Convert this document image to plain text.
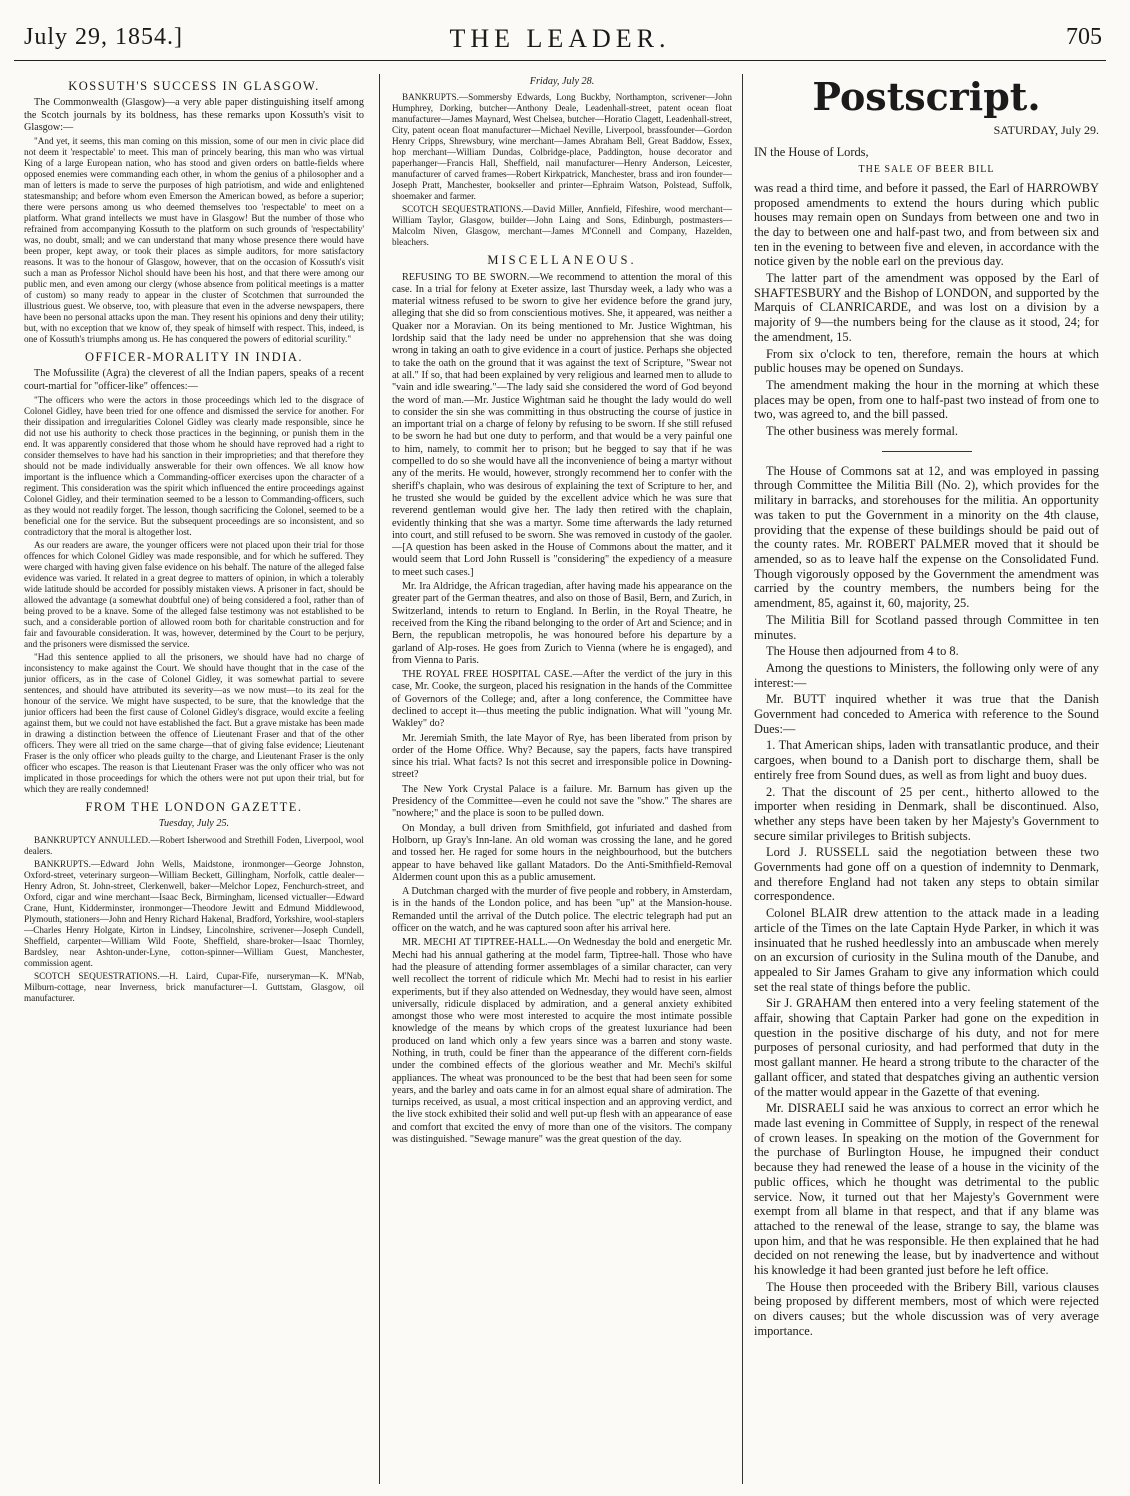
July 29, 1854.]	THE LEADER.	705
KOSSUTH'S SUCCESS IN GLASGOW.

The Commonwealth (Glasgow)—a very able paper distinguishing itself among the Scotch journals by its boldness, has these remarks upon Kossuth's visit to Glasgow:—

"And yet, it seems, this man coming on this mission, some of our men in civic place did not deem it 'respectable' to meet. This man of princely bearing, this man who was virtual King of a large European nation, who has stood and given orders on battle-fields where opposed enemies were commanding each other, in whom the genius of a philosopher and a man of letters is made to serve the purposes of high patriotism, and wide and enlightened statesmanship; and before whom even Emerson the American bowed, as before a superior; there were persons among us who deemed themselves too 'respectable' to meet on a platform. What grand intellects we must have in Glasgow! But the number of those who refrained from accompanying Kossuth to the platform on such grounds of 'respectability' was, no doubt, small; and we can understand that many whose presence there would have been proper, kept away, or took their places as simple auditors, for more satisfactory reasons. It was to the honour of Glasgow, however, that on the occasion of Kossuth's visit such a man as Professor Nichol should have been his host, and that there were among our public men, and even among our clergy (whose absence from political meetings is a matter of custom) so many ready to appear in the cluster of Scotchmen that surrounded the illustrious guest. We observe, too, with pleasure that even in the adverse newspapers, there have been no personal attacks upon the man. They resent his opinions and deny their utility; but, with no exception that we know of, they speak of himself with respect. This, indeed, is one of Kossuth's triumphs among us. He has conquered the powers of editorial scurility."

OFFICER-MORALITY IN INDIA.

The Mofussilite (Agra) the cleverest of all the Indian papers, speaks of a recent court-martial for "officer-like" offences:—

"The officers who were the actors in those proceedings which led to the disgrace of Colonel Gidley, have been tried for one offence and dismissed the service for another. For their dissipation and irregularities Colonel Gidley was clearly made responsible, since he did not use his authority to check those practices in the beginning, or punish them in the end. It was apparently considered that those whom he should have reproved had a right to consider themselves to have had his sanction in their improprieties; and that therefore they should not be made individually answerable for their own offences. We all know how important is the influence which a Commanding-officer exercises upon the character of a regiment. This consideration was the spirit which influenced the entire proceedings against Colonel Gidley, and their termination seemed to be a lesson to Commanding-officers, such as they would not readily forget. The lesson, though sacrificing the Colonel, seemed to be a beneficial one for the service. But the subsequent proceedings are so inconsistent, and so contradictory that the moral is altogether lost.

As our readers are aware, the younger officers were not placed upon their trial for those offences for which Colonel Gidley was made responsible, and for which he suffered. They were charged with having given false evidence on his behalf. The nature of the alleged false evidence was varied. It related in a great degree to matters of opinion, in which a tolerably wide latitude should be accorded for possibly mistaken views. A prisoner in fact, should be allowed the advantage (a somewhat doubtful one) of being considered a fool, rather than of being proved to be a knave. Some of the alleged false testimony was not established to be such, and a considerable portion of allowed room both for charitable construction and for fair and favourable consideration. It was, however, determined by the Court to be perjury, and the prisoners were dismissed the service.

"Had this sentence applied to all the prisoners, we should have had no charge of inconsistency to make against the Court. We should have thought that in the case of the junior officers, as in the case of Colonel Gidley, it was somewhat partial to severe sentences, and should have attributed its severity—as we now must—to its zeal for the honour of the service. We might have suspected, to be sure, that the knowledge that the junior officers had been the first cause of Colonel Gidley's disgrace, would excite a feeling against them, but we could not have established the fact. But a grave mistake has been made in drawing a distinction between the offence of Lieutenant Fraser and that of the other officers. They were all tried on the same charge—that of giving false evidence; Lieutenant Fraser is the only officer who pleads guilty to the charge, and Lieutenant Fraser is the only officer who escapes. The reason is that Lieutenant Fraser was the only officer who was not implicated in those proceedings for which the others were not put upon their trial, but for which they are really condemned!

FROM THE LONDON GAZETTE.
Tuesday, July 25.

BANKRUPTCY ANNULLED.—Robert Isherwood and Strethill Foden, Liverpool, wool dealers.

BANKRUPTS.—Edward John Wells, Maidstone, ironmonger—George Johnston, Oxford-street, veterinary surgeon—William Beckett, Gillingham, Norfolk, cattle dealer—Henry Adron, St. John-street, Clerkenwell, baker—Melchor Lopez, Fenchurch-street, and Oxford, cigar and wine merchant—Isaac Beck, Birmingham, licensed victualler—Edward Crane, Hunt, Kidderminster, ironmonger—Theodore Jewitt and Edmund Middlewood, Plymouth, stationers—John and Henry Richard Hakenal, Bradford, Yorkshire, wool-staplers—Charles Henry Holgate, Kirton in Lindsey, Lincolnshire, scrivener—Joseph Cundell, Sheffield, carpenter—William Wild Foote, Sheffield, share-broker—Isaac Thornley, Bardsley, near Ashton-under-Lyne, cotton-spinner—William Guest, Manchester, commission agent.

SCOTCH SEQUESTRATIONS.—H. Laird, Cupar-Fife, nurseryman—K. M'Nab, Milburn-cottage, near Inverness, brick manufacturer—I. Guttstam, Glasgow, oil manufacturer.

Friday, July 28.

BANKRUPTS.—Sommersby Edwards, Long Buckby, Northampton, scrivener—John Humphrey, Dorking, butcher—Anthony Deale, Leadenhall-street, patent ocean float manufacturer—James Maynard, West Chelsea, butcher—Horatio Clagett, Leadenhall-street, City, patent ocean float manufacturer—Michael Neville, Liverpool, brassfounder—Gordon Henry Cripps, Shrewsbury, wine merchant—James Abraham Bell, Great Baddow, Essex, hop merchant—William Dundas, Colbridge-place, Paddington, house decorator and paperhanger—Francis Hall, Sheffield, nail manufacturer—Henry Anderson, Leicester, manufacturer of carved frames—Robert Kirkpatrick, Manchester, brass and iron founder—Joseph Pratt, Manchester, bookseller and printer—Ephraim Watson, Polstead, Suffolk, shoemaker and farmer.

SCOTCH SEQUESTRATIONS.—David Miller, Annfield, Fifeshire, wood merchant—William Taylor, Glasgow, builder—John Laing and Sons, Edinburgh, postmasters—Malcolm Niven, Glasgow, merchant—James M'Connell and Company, Hazelden, bleachers.

MISCELLANEOUS.

REFUSING TO BE SWORN.—We recommend to attention the moral of this case. In a trial for felony at Exeter assize, last Thursday week, a lady who was a material witness refused to be sworn to give her evidence before the grand jury, alleging that she did so from conscientious motives. She, it appeared, was neither a Quaker nor a Moravian. On its being mentioned to Mr. Justice Wightman, his lordship said that the lady need be under no apprehension that she was doing wrong in taking an oath to give evidence in a court of justice. Perhaps she objected to take the oath on the ground that it was against the text of Scripture, "Swear not at all." If so, that had been explained by very religious and learned men to allude to "vain and idle swearing."—The lady said she considered the word of God beyond the word of man.—Mr. Justice Wightman said he thought the lady would do well to consider the sin she was committing in thus obstructing the course of justice in an important trial on a charge of felony by refusing to be sworn. If she still refused to be sworn he had but one duty to perform, and that would be a very painful one to him, namely, to commit her to prison; but he begged to say that if he was compelled to do so she would have all the inconvenience of being a martyr without any of the merits. He would, however, strongly recommend her to confer with the sheriff's chaplain, who was desirous of explaining the text of Scripture to her, and he trusted she would be guided by the excellent advice which he was sure that reverend gentleman would give her. The lady then retired with the chaplain, evidently thinking that she was a martyr. Some time afterwards the lady returned into court, and still refused to be sworn. She was removed in custody of the gaoler.—[A question has been asked in the House of Commons about the matter, and it would seem that Lord John Russell is "considering" the expediency of a measure to meet such cases.]

Mr. Ira Aldridge, the African tragedian, after having made his appearance on the greater part of the German theatres, and also on those of Basil, Bern, and Zurich, in Switzerland, intends to return to England. In Berlin, in the Royal Theatre, he received from the King the riband belonging to the order of Art and Science; and in Bern, the republican metropolis, he was honoured before his departure by a garland of Alp-roses. He goes from Zurich to Vienna (where he is engaged), and from Vienna to Paris.

THE ROYAL FREE HOSPITAL CASE.—After the verdict of the jury in this case, Mr. Cooke, the surgeon, placed his resignation in the hands of the Committee of Governors of the College; and, after a long conference, the Committee have declined to accept it—thus meeting the public indignation. What will "young Mr. Wakley" do?

Mr. Jeremiah Smith, the late Mayor of Rye, has been liberated from prison by order of the Home Office. Why? Because, say the papers, facts have transpired since his trial. What facts? Is not this secret and irresponsible police in Downing-street?

The New York Crystal Palace is a failure. Mr. Barnum has given up the Presidency of the Committee—even he could not save the "show." The shares are "nowhere;" and the place is soon to be pulled down.

On Monday, a bull driven from Smithfield, got infuriated and dashed from Holborn, up Gray's Inn-lane. An old woman was crossing the lane, and he gored and tossed her. He raged for some hours in the neighbourhood, but the butchers appear to have behaved like gallant Matadors. Do the Anti-Smithfield-Removal Aldermen count upon this as a public amusement.

A Dutchman charged with the murder of five people and robbery, in Amsterdam, is in the hands of the London police, and has been "up" at the Mansion-house. Remanded until the arrival of the Dutch police. The electric telegraph had put an officer on the watch, and he was captured soon after his arrival here.

MR. MECHI AT TIPTREE-HALL.—On Wednesday the bold and energetic Mr. Mechi had his annual gathering at the model farm, Tiptree-hall. Those who have had the pleasure of attending former assemblages of a similar character, can very well recollect the torrent of ridicule which Mr. Mechi had to resist in his earlier experiments, but if they also attended on Wednesday, they would have seen, almost universally, ridicule displaced by admiration, and a general anxiety exhibited amongst those who were most interested to acquire the most intimate possible knowledge of the means by which crops of the greatest luxuriance had been produced on land which only a few years since was a barren and stony waste. Nothing, in truth, could be finer than the appearance of the different corn-fields under the combined effects of the glorious weather and Mr. Mechi's skilful appliances. The wheat was pronounced to be the best that had been seen for some years, and the barley and oats came in for an almost equal share of admiration. The turnips received, as usual, a most critical inspection and an approving verdict, and the live stock exhibited their solid and well put-up flesh with an appearance of ease and comfort that excited the envy of more than one of the visitors. The company was distinguished. "Sewage manure" was the great question of the day.

Postscript.
SATURDAY, July 29.

IN the House of Lords,

THE SALE OF BEER BILL

was read a third time, and before it passed, the Earl of HARROWBY proposed amendments to extend the hours during which public houses may remain open on Sundays from between one and two in the day to between one and half-past two, and from between six and ten in the evening to between five and eleven, in accordance with the notice given by the noble earl on the previous day.

The latter part of the amendment was opposed by the Earl of SHAFTESBURY and the Bishop of LONDON, and supported by the Marquis of CLANRICARDE, and was lost on a division by a majority of 9—the numbers being for the clause as it stood, 24; for the amendment, 15.

From six o'clock to ten, therefore, remain the hours at which public houses may be opened on Sundays.

The amendment making the hour in the morning at which these places may be open, from one to half-past two instead of from one to two, was agreed to, and the bill passed.

The other business was merely formal.

The House of Commons sat at 12, and was employed in passing through Committee the Militia Bill (No. 2), which provides for the military in barracks, and storehouses for the militia. An opportunity was taken to put the Government in a minority on the 4th clause, providing that the expense of these buildings should be paid out of the county rates. Mr. ROBERT PALMER moved that it should be amended, so as to leave half the expense on the Consolidated Fund. Though vigorously opposed by the Government the amendment was carried by the country members, the numbers being for the amendment, 85, against it, 60, majority, 25.

The Militia Bill for Scotland passed through Committee in ten minutes.

The House then adjourned from 4 to 8.

Among the questions to Ministers, the following only were of any interest:—

Mr. BUTT inquired whether it was true that the Danish Government had conceded to America with reference to the Sound Dues:—

1. That American ships, laden with transatlantic produce, and their cargoes, when bound to a Danish port to discharge them, shall be entirely free from Sound dues, as well as from light and buoy dues.

2. That the discount of 25 per cent., hitherto allowed to the importer when residing in Denmark, shall be discontinued. Also, whether any steps have been taken by her Majesty's Government to secure similar privileges to British subjects.

Lord J. RUSSELL said the negotiation between these two Governments had gone off on a question of indemnity to Denmark, and therefore England had not taken any steps to obtain similar correspondence.

Colonel BLAIR drew attention to the attack made in a leading article of the Times on the late Captain Hyde Parker, in which it was insinuated that he rushed heedlessly into an ambuscade when merely on an excursion of curiosity in the Sulina mouth of the Danube, and appealed to Sir James Graham to give any information which could set the real state of things before the public.

Sir J. GRAHAM then entered into a very feeling statement of the affair, showing that Captain Parker had gone on the expedition in question in the positive discharge of his duty, and not for mere purposes of personal curiosity, and had performed that duty in the most gallant manner. He heard a strong tribute to the character of the gallant officer, and stated that despatches giving an authentic version of the matter would appear in the Gazette of that evening.

Mr. DISRAELI said he was anxious to correct an error which he made last evening in Committee of Supply, in respect of the renewal of crown leases. In speaking on the motion of the Government for the purchase of Burlington House, he impugned their conduct because they had renewed the lease of a house in the vicinity of the public offices, which he thought was detrimental to the public service. Now, it turned out that her Majesty's Government were exempt from all blame in that respect, and that if any blame was attached to the renewal of the lease, strange to say, the blame was upon him, and that he was responsible. He then explained that he had decided on not renewing the lease, but by inadvertence and without his knowledge it had been granted just before he left office.

The House then proceeded with the Bribery Bill, various clauses being proposed by different members, most of which were rejected on divers causes; but the whole discussion was of very average importance.
